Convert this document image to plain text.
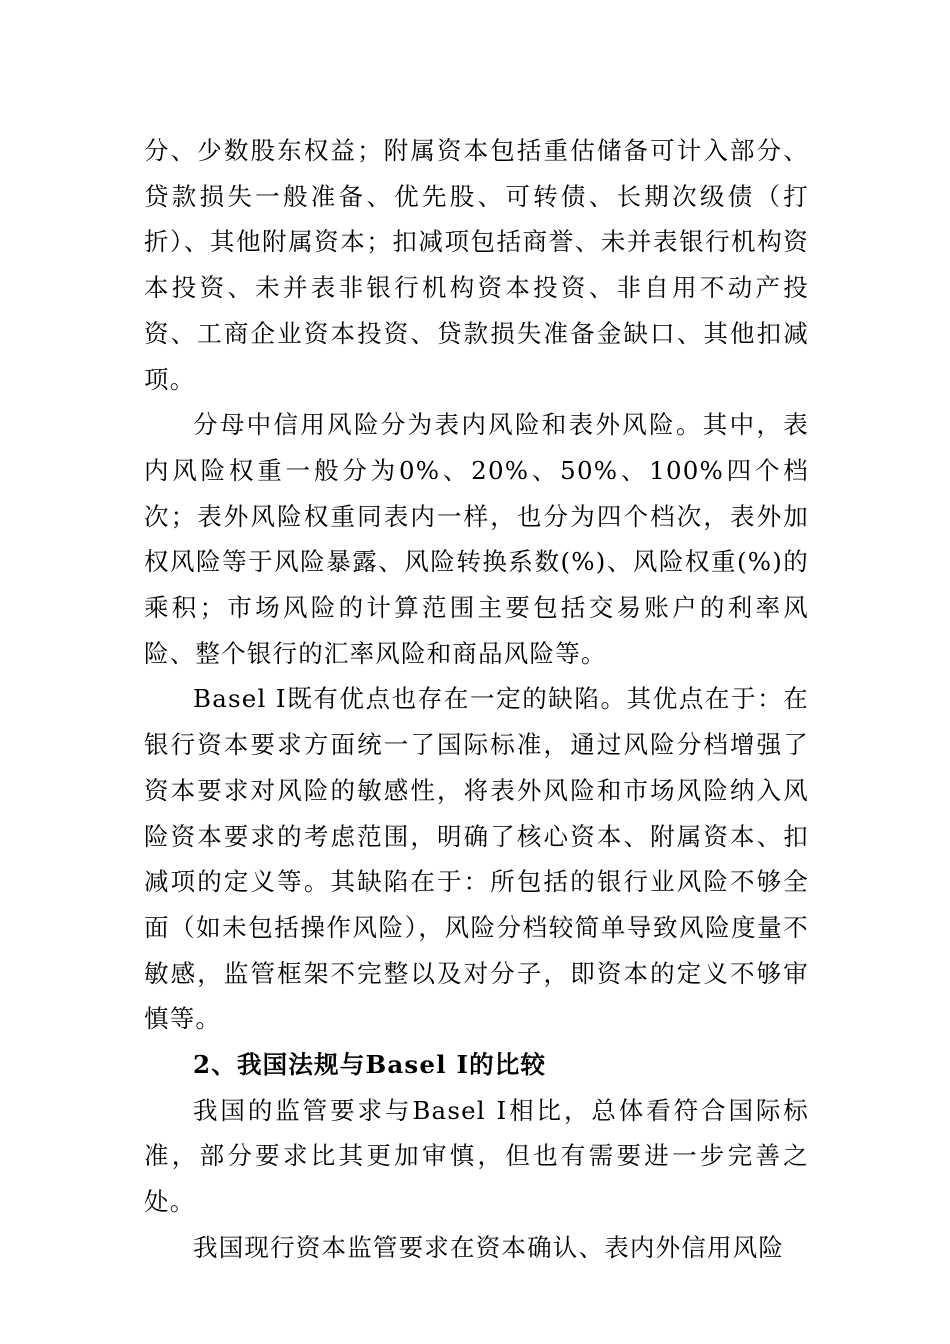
分、少数股东权益；附属资本包括重估储备可计入部分、贷款损失一般准备、优先股、可转债、长期次级债（打折）、其他附属资本；扣减项包括商誉、未并表银行机构资本投资、未并表非银行机构资本投资、非自用不动产投资、工商企业资本投资、贷款损失准备金缺口、其他扣减项。

分母中信用风险分为表内风险和表外风险。其中，表内风险权重一般分为0%、20%、50%、100%四个档次；表外风险权重同表内一样，也分为四个档次，表外加权风险等于风险暴露、风险转换系数(%)、风险权重(%)的乘积；市场风险的计算范围主要包括交易账户的利率风险、整个银行的汇率风险和商品风险等。

Basel Ⅰ既有优点也存在一定的缺陷。其优点在于：在银行资本要求方面统一了国际标准，通过风险分档增强了资本要求对风险的敏感性，将表外风险和市场风险纳入风险资本要求的考虑范围，明确了核心资本、附属资本、扣减项的定义等。其缺陷在于：所包括的银行业风险不够全面（如未包括操作风险），风险分档较简单导致风险度量不敏感，监管框架不完整以及对分子，即资本的定义不够审慎等。

2、我国法规与Basel Ⅰ的比较

我国的监管要求与Basel Ⅰ相比，总体看符合国际标准，部分要求比其更加审慎，但也有需要进一步完善之处。

我国现行资本监管要求在资本确认、表内外信用风险
